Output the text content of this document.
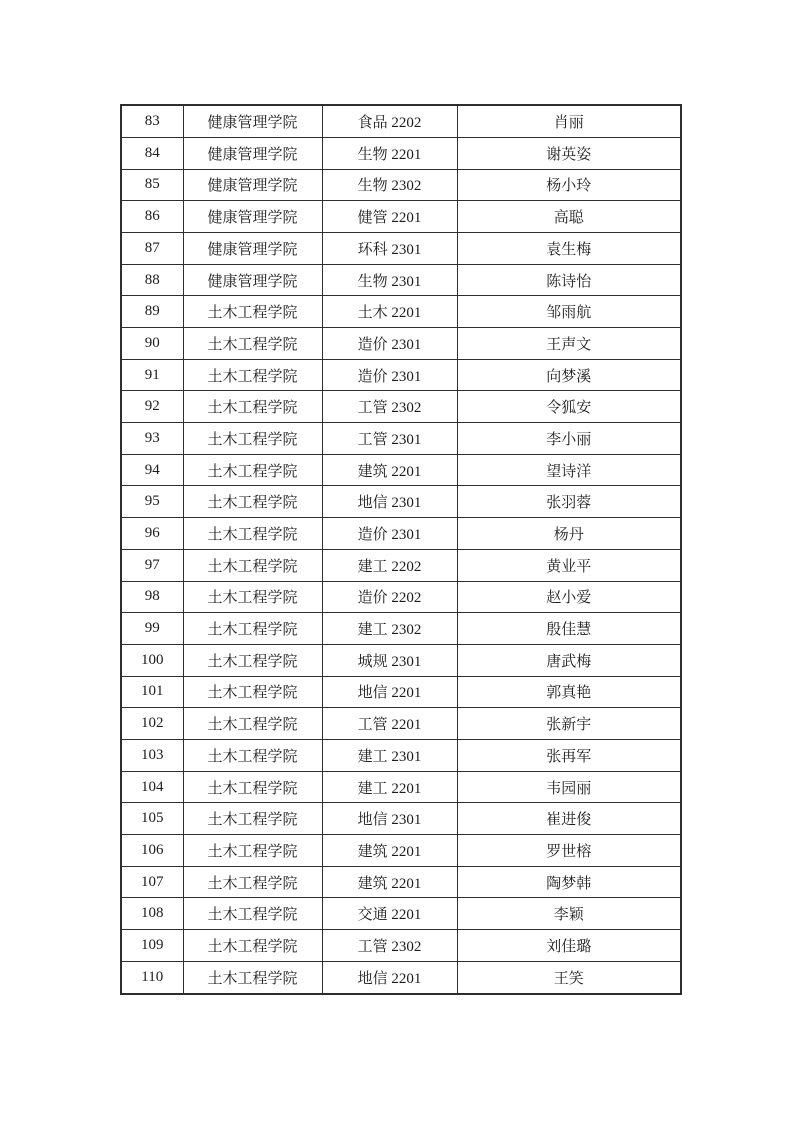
83	健康管理学院	食品 2202	肖丽
84	健康管理学院	生物 2201	谢英姿
85	健康管理学院	生物 2302	杨小玲
86	健康管理学院	健管 2201	高聪
87	健康管理学院	环科 2301	袁生梅
88	健康管理学院	生物 2301	陈诗怡
89	土木工程学院	土木 2201	邹雨航
90	土木工程学院	造价 2301	王声文
91	土木工程学院	造价 2301	向梦溪
92	土木工程学院	工管 2302	令狐安
93	土木工程学院	工管 2301	李小丽
94	土木工程学院	建筑 2201	望诗洋
95	土木工程学院	地信 2301	张羽蓉
96	土木工程学院	造价 2301	杨丹
97	土木工程学院	建工 2202	黄业平
98	土木工程学院	造价 2202	赵小爱
99	土木工程学院	建工 2302	殷佳慧
100	土木工程学院	城规 2301	唐武梅
101	土木工程学院	地信 2201	郭真艳
102	土木工程学院	工管 2201	张新宇
103	土木工程学院	建工 2301	张再军
104	土木工程学院	建工 2201	韦园丽
105	土木工程学院	地信 2301	崔进俊
106	土木工程学院	建筑 2201	罗世榕
107	土木工程学院	建筑 2201	陶梦韩
108	土木工程学院	交通 2201	李颖
109	土木工程学院	工管 2302	刘佳璐
110	土木工程学院	地信 2201	王笑
